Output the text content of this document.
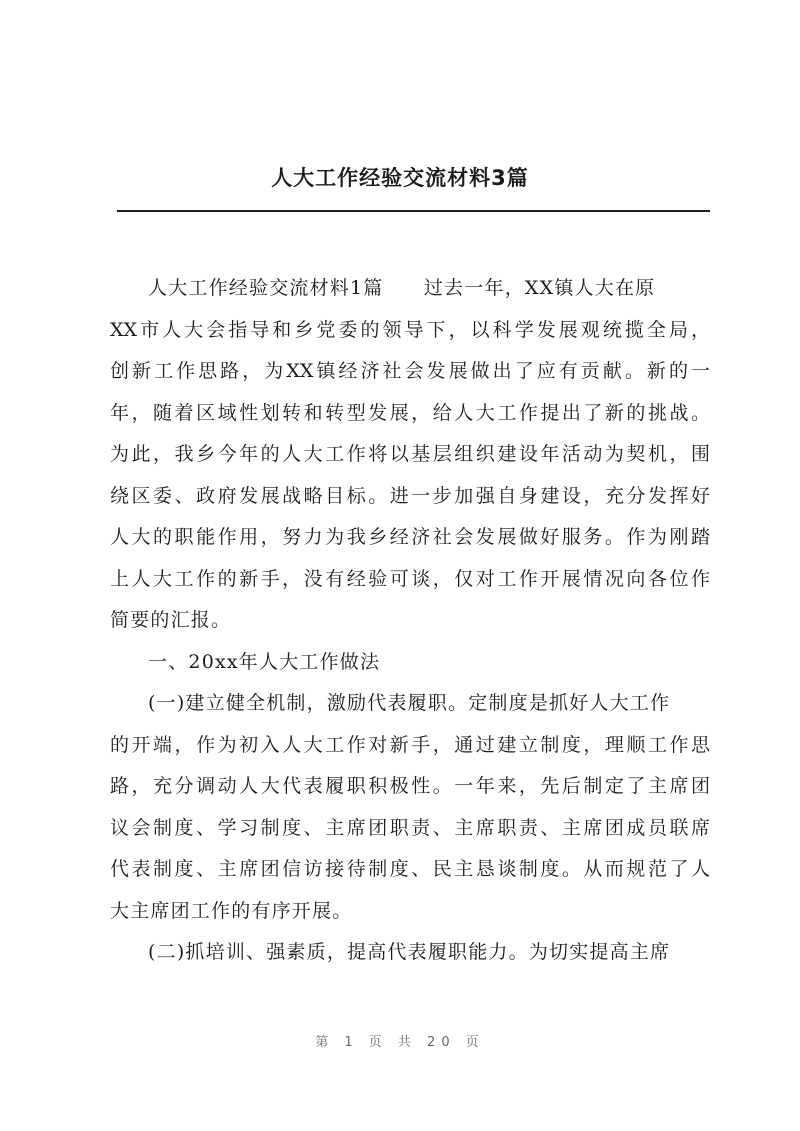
人大工作经验交流材料3篇
人大工作经验交流材料1篇　　过去一年，XX镇人大在原
XX市人大会指导和乡党委的领导下，以科学发展观统揽全局，
创新工作思路，为XX镇经济社会发展做出了应有贡献。新的一
年，随着区域性划转和转型发展，给人大工作提出了新的挑战。
为此，我乡今年的人大工作将以基层组织建设年活动为契机，围
绕区委、政府发展战略目标。进一步加强自身建设，充分发挥好
人大的职能作用，努力为我乡经济社会发展做好服务。作为刚踏
上人大工作的新手，没有经验可谈，仅对工作开展情况向各位作
简要的汇报。
一、20xx年人大工作做法
(一)建立健全机制，激励代表履职。定制度是抓好人大工作
的开端，作为初入人大工作对新手，通过建立制度，理顺工作思
路，充分调动人大代表履职积极性。一年来，先后制定了主席团
议会制度、学习制度、主席团职责、主席职责、主席团成员联席
代表制度、主席团信访接待制度、民主恳谈制度。从而规范了人
大主席团工作的有序开展。
(二)抓培训、强素质，提高代表履职能力。为切实提高主席
第 1 页 共 20 页
